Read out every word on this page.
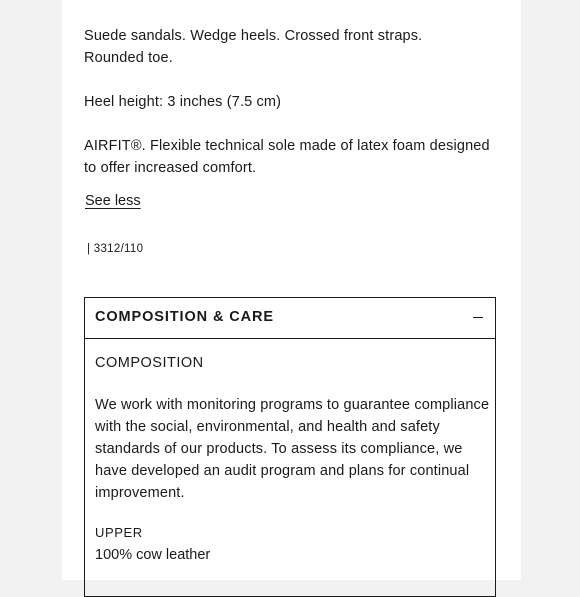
Suede sandals. Wedge heels. Crossed front straps. Rounded toe.

Heel height: 3 inches (7.5 cm)

AIRFIT®. Flexible technical sole made of latex foam designed to offer increased comfort.

See less
| 3312/110
COMPOSITION & CARE
COMPOSITION

We work with monitoring programs to guarantee compliance with the social, environmental, and health and safety standards of our products. To assess its compliance, we have developed an audit program and plans for continual improvement.

UPPER
100% cow leather
